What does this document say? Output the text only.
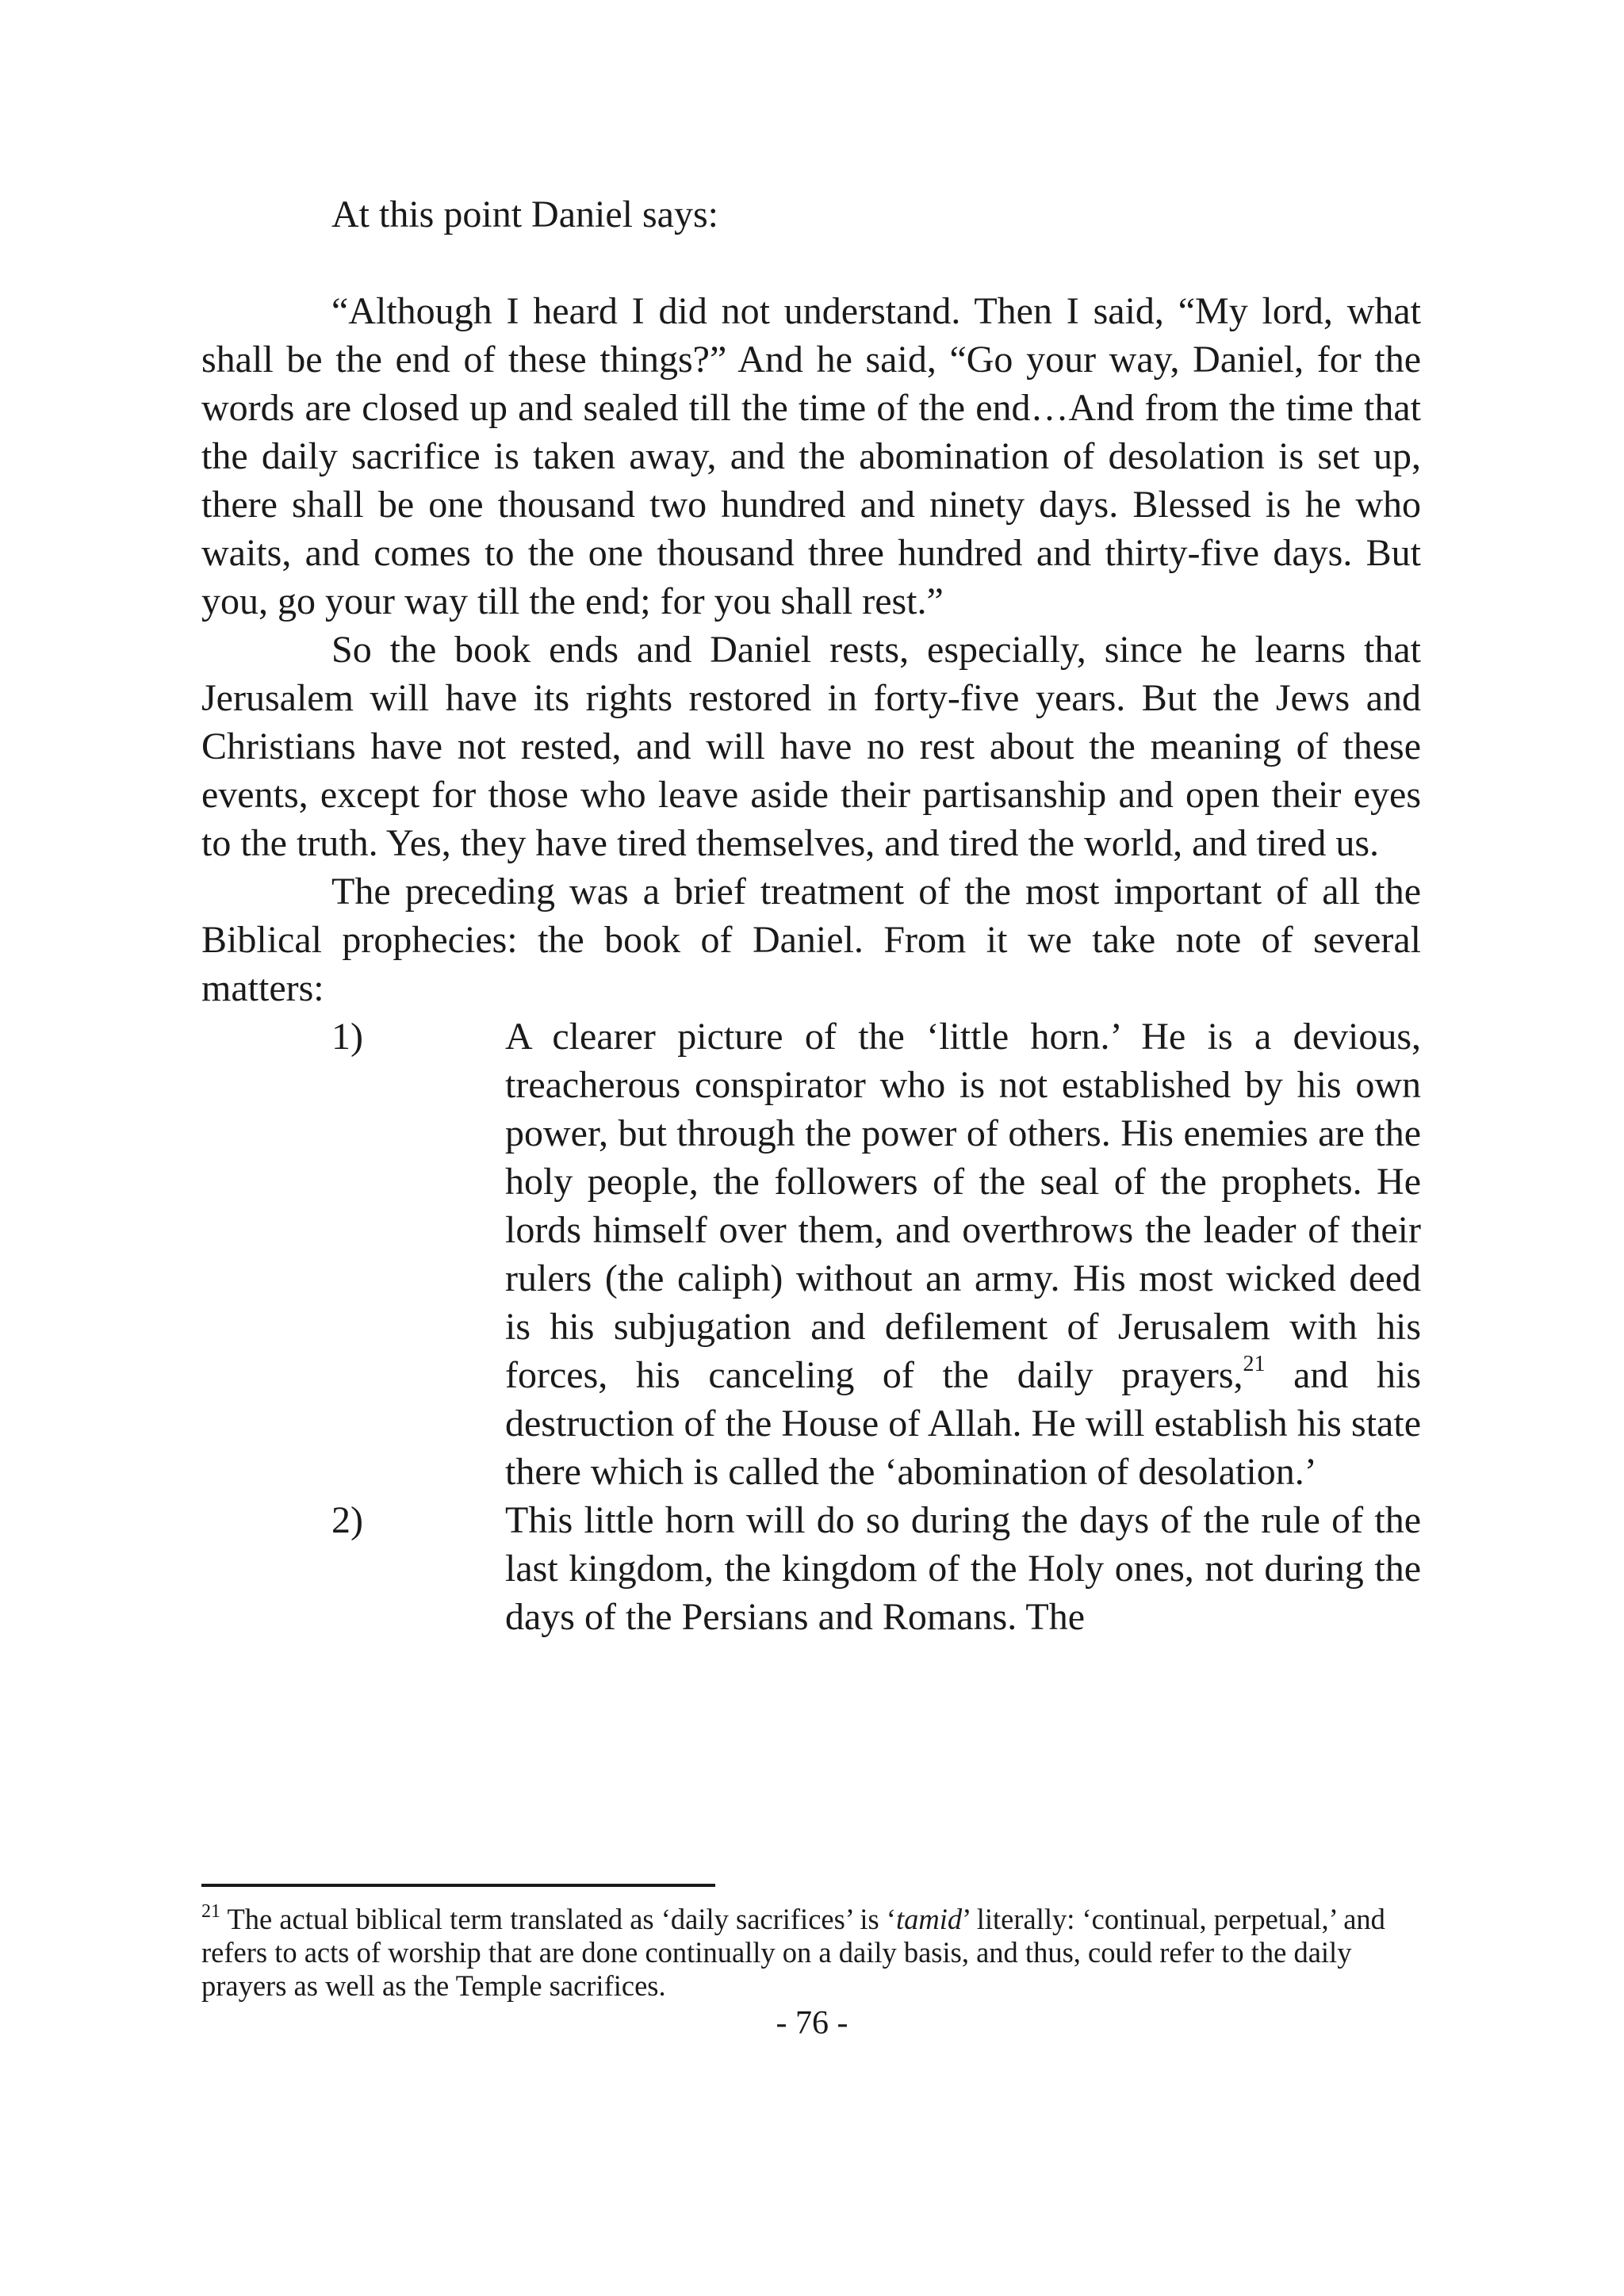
At this point Daniel says:

“Although I heard I did not understand. Then I said, “My lord, what shall be the end of these things?” And he said, “Go your way, Daniel, for the words are closed up and sealed till the time of the end…And from the time that the daily sacrifice is taken away, and the abomination of desolation is set up, there shall be one thousand two hundred and ninety days. Blessed is he who waits, and comes to the one thousand three hundred and thirty-five days. But you, go your way till the end; for you shall rest.”

So the book ends and Daniel rests, especially, since he learns that Jerusalem will have its rights restored in forty-five years. But the Jews and Christians have not rested, and will have no rest about the meaning of these events, except for those who leave aside their partisanship and open their eyes to the truth. Yes, they have tired themselves, and tired the world, and tired us.

The preceding was a brief treatment of the most important of all the Biblical prophecies: the book of Daniel. From it we take note of several matters:

1)	A clearer picture of the ‘little horn.’ He is a devious, treacherous conspirator who is not established by his own power, but through the power of others. His enemies are the holy people, the followers of the seal of the prophets. He lords himself over them, and overthrows the leader of their rulers (the caliph) without an army. His most wicked deed is his subjugation and defilement of Jerusalem with his forces, his canceling of the daily prayers,$^{21}$ and his destruction of the House of Allah. He will establish his state there which is called the ‘abomination of desolation.’
2)	This little horn will do so during the days of the rule of the last kingdom, the kingdom of the Holy ones, not during the days of the Persians and Romans. The
$^{21}$ The actual biblical term translated as ‘daily sacrifices’ is ‘tamid’ literally: ‘continual, perpetual,’ and refers to acts of worship that are done continually on a daily basis, and thus, could refer to the daily prayers as well as the Temple sacrifices.
- 76 -
